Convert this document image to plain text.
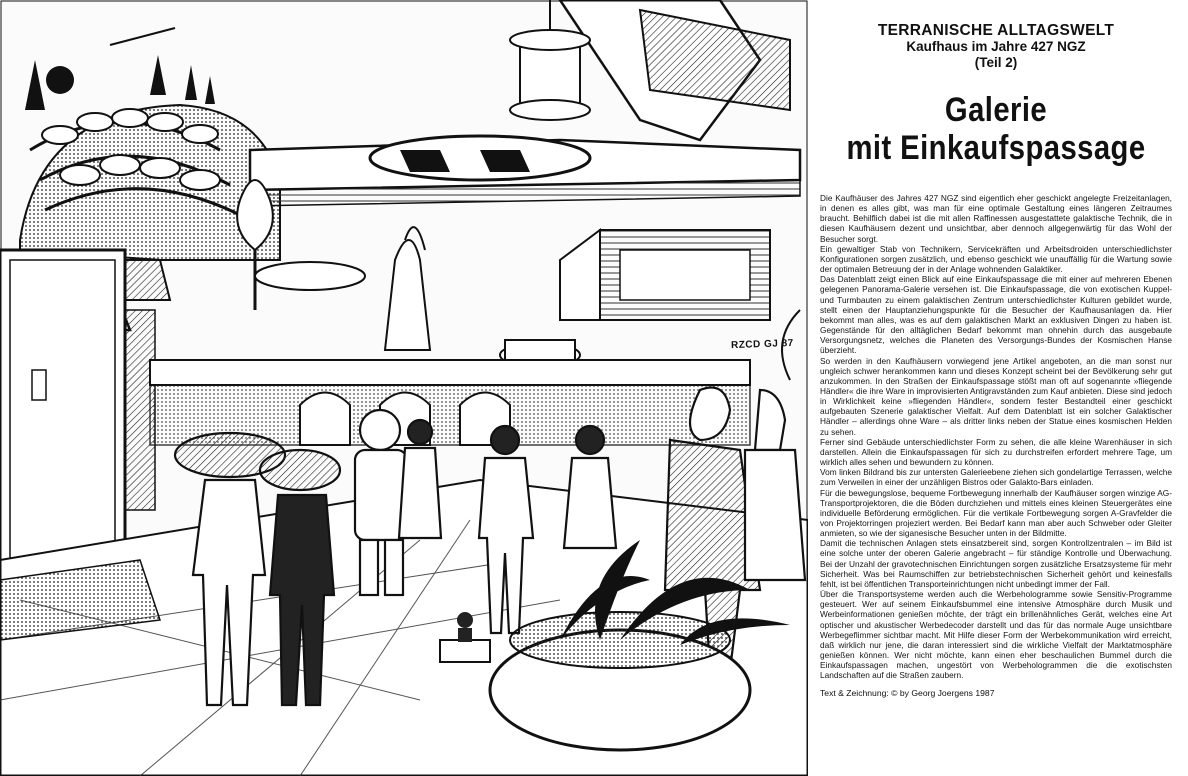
RZCD GJ 87
TERRANISCHE ALLTAGSWELT
Kaufhaus im Jahre 427 NGZ
(Teil 2)
Galerie
mit Einkaufspassage

Die Kaufhäuser des Jahres 427 NGZ sind eigentlich eher geschickt angelegte Freizeitanlagen, in denen es alles gibt, was man für eine optimale Gestaltung eines längeren Zeitraumes braucht. Behilflich dabei ist die mit allen Raffinessen ausgestattete galaktische Technik, die in diesen Kaufhäusern dezent und unsichtbar, aber dennoch allgegenwärtig für das Wohl der Besucher sorgt.

Ein gewaltiger Stab von Technikern, Servicekräften und Arbeitsdroiden unterschiedlichster Konfigurationen sorgen zusätzlich, und ebenso geschickt wie unauffällig für die Wartung sowie der optimalen Betreuung der in der Anlage wohnenden Galaktiker.

Das Datenblatt zeigt einen Blick auf eine Einkaufspassage die mit einer auf mehreren Ebenen gelegenen Panorama-Galerie versehen ist. Die Einkaufspassage, die von exotischen Kuppel- und Turmbauten zu einem galaktischen Zentrum unterschiedlichster Kulturen gebildet wurde, stellt einen der Hauptanziehungspunkte für die Besucher der Kaufhausanlagen da. Hier bekommt man alles, was es auf dem galaktischen Markt an exklusiven Dingen zu haben ist. Gegenstände für den alltäglichen Bedarf bekommt man ohnehin durch das ausgebaute Versorgungsnetz, welches die Planeten des Versorgungs-Bundes der Kosmischen Hanse überzieht.

So werden in den Kaufhäusern vorwiegend jene Artikel angeboten, an die man sonst nur ungleich schwer herankommen kann und dieses Konzept scheint bei der Bevölkerung sehr gut anzukommen. In den Straßen der Einkaufspassage stößt man oft auf sogenannte »fliegende Händler« die ihre Ware in improvisierten Antigravständen zum Kauf anbieten. Diese sind jedoch in Wirklichkeit keine »fliegenden Händler«, sondern fester Bestandteil einer geschickt aufgebauten Szenerie galaktischer Vielfalt. Auf dem Datenblatt ist ein solcher Galaktischer Händler – allerdings ohne Ware – als dritter links neben der Statue eines kosmischen Helden zu sehen.

Ferner sind Gebäude unterschiedlichster Form zu sehen, die alle kleine Warenhäuser in sich darstellen. Allein die Einkaufspassagen für sich zu durchstreifen erfordert mehrere Tage, um wirklich alles sehen und bewundern zu können.

Vom linken Bildrand bis zur untersten Galerieebene ziehen sich gondelartige Terrassen, welche zum Verweilen in einer der unzähligen Bistros oder Galakto-Bars einladen.

Für die bewegungslose, bequeme Fortbewegung innerhalb der Kaufhäuser sorgen winzige AG-Transportprojektoren, die die Böden durchziehen und mittels eines kleinen Steuergerätes eine individuelle Beförderung ermöglichen. Für die vertikale Fortbewegung sorgen A-Gravfelder die von Projektorringen projeziert werden. Bei Bedarf kann man aber auch Schweber oder Gleiter anmieten, so wie der siganesische Besucher unten in der Bildmitte.

Damit die technischen Anlagen stets einsatzbereit sind, sorgen Kontrollzentralen – im Bild ist eine solche unter der oberen Galerie angebracht – für ständige Kontrolle und Überwachung. Bei der Unzahl der gravotechnischen Einrichtungen sorgen zusätzliche Ersatzsysteme für mehr Sicherheit. Was bei Raumschiffen zur betriebstechnischen Sicherheit gehört und keinesfalls fehlt, ist bei öffentlichen Transporteinrichtungen nicht unbedingt immer der Fall.

Über die Transportsysteme werden auch die Werbehologramme sowie Sensitiv-Programme gesteuert. Wer auf seinem Einkaufsbummel eine intensive Atmosphäre durch Musik und Werbeinformationen genießen möchte, der trägt ein brillenähnliches Gerät, welches eine Art optischer und akustischer Werbedecoder darstellt und das für das normale Auge unsichtbare Werbegeflimmer sichtbar macht. Mit Hilfe dieser Form der Werbekommunikation wird erreicht, daß wirklich nur jene, die daran interessiert sind die wirkliche Vielfalt der Marktatmosphäre genießen können. Wer nicht möchte, kann einen eher beschaulichen Bummel durch die Einkaufspassagen machen, ungestört von Werbehologrammen die die exotischsten Landschaften auf die Straßen zaubern.

Text & Zeichnung: © by Georg Joergens 1987
